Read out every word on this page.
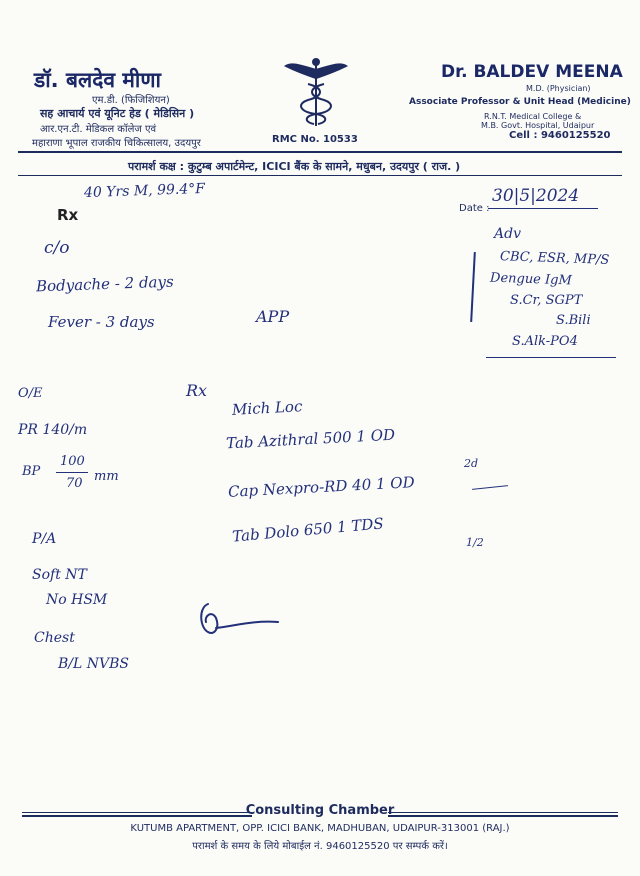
डॉ. बलदेव मीणा
एम.डी. (फिजिशियन)
सह आचार्य एवं यूनिट हेड ( मेडिसिन )
आर.एन.टी. मेडिकल कॉलेज एवं
महाराणा भूपाल राजकीय चिकित्सालय, उदयपुर	RMC No. 10533
Dr. BALDEV MEENA
M.D. (Physician)
Associate Professor & Unit Head (Medicine)
R.N.T. Medical College &
M.B. Govt. Hospital, Udaipur
Cell : 9460125520
परामर्श कक्ष : कुटुम्ब अपार्टमेन्ट, ICICI बैंक के सामने, मधुबन, उदयपुर ( राज. )
Date :
30|5|2024
Rx
40 Yrs M, 99.4°F
c/o
Bodyache - 2 days
Fever - 3 days	APP
Adv
CBC, ESR, MP/S
Dengue IgM
S.Cr, SGPT
S.Bili
S.Alk-PO4
O/E
PR 140/m
BP
100
70 mm
P/A
Soft NT
No HSM
Chest
B/L NVBS
Rx
Mich Loc
Tab Azithral 500 1 OD
2d
Cap Nexpro-RD 40 1 OD
Tab Dolo 650 1 TDS	1/2
Consulting Chamber
KUTUMB APARTMENT, OPP. ICICI BANK, MADHUBAN, UDAIPUR-313001 (RAJ.)
परामर्श के समय के लिये मोबाईल नं. 9460125520 पर सम्पर्क करें।
